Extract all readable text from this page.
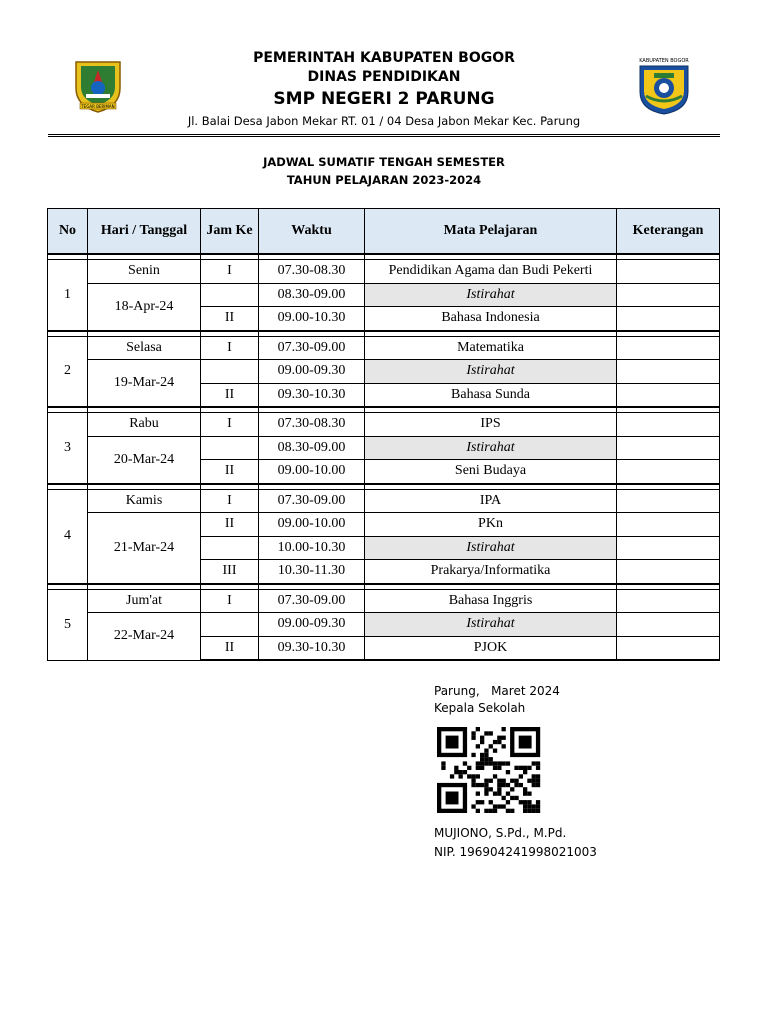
TEGAR BERIMAN
PEMERINTAH KABUPATEN BOGOR
DINAS PENDIDIKAN
SMP NEGERI 2 PARUNG
Jl. Balai Desa Jabon Mekar RT. 01 / 04 Desa Jabon Mekar Kec. Parung
KABUPATEN BOGOR
JADWAL SUMATIF TENGAH SEMESTER
TAHUN PELAJARAN 2023-2024
No	Hari / Tanggal	Jam Ke	Waktu	Mata Pelajaran	Keterangan

1	Senin	I	07.30-08.30	Pendidikan Agama dan Budi Pekerti	
	18-Apr-24		08.30-09.00	Istirahat	
		II	09.00-10.30	Bahasa Indonesia	

2	Selasa	I	07.30-09.00	Matematika	
	19-Mar-24		09.00-09.30	Istirahat	
		II	09.30-10.30	Bahasa Sunda	

3	Rabu	I	07.30-08.30	IPS	
	20-Mar-24		08.30-09.00	Istirahat	
		II	09.00-10.00	Seni Budaya	

4	Kamis	I	07.30-09.00	IPA	
	21-Mar-24	II	09.00-10.00	PKn	
			10.00-10.30	Istirahat	
		III	10.30-11.30	Prakarya/Informatika	

5	Jum'at	I	07.30-09.00	Bahasa Inggris	
	22-Mar-24		09.00-09.30	Istirahat	
		II	09.30-10.30	PJOK	
Parung,   Maret 2024
Kepala Sekolah
MUJIONO, S.Pd., M.Pd.
NIP. 196904241998021003
